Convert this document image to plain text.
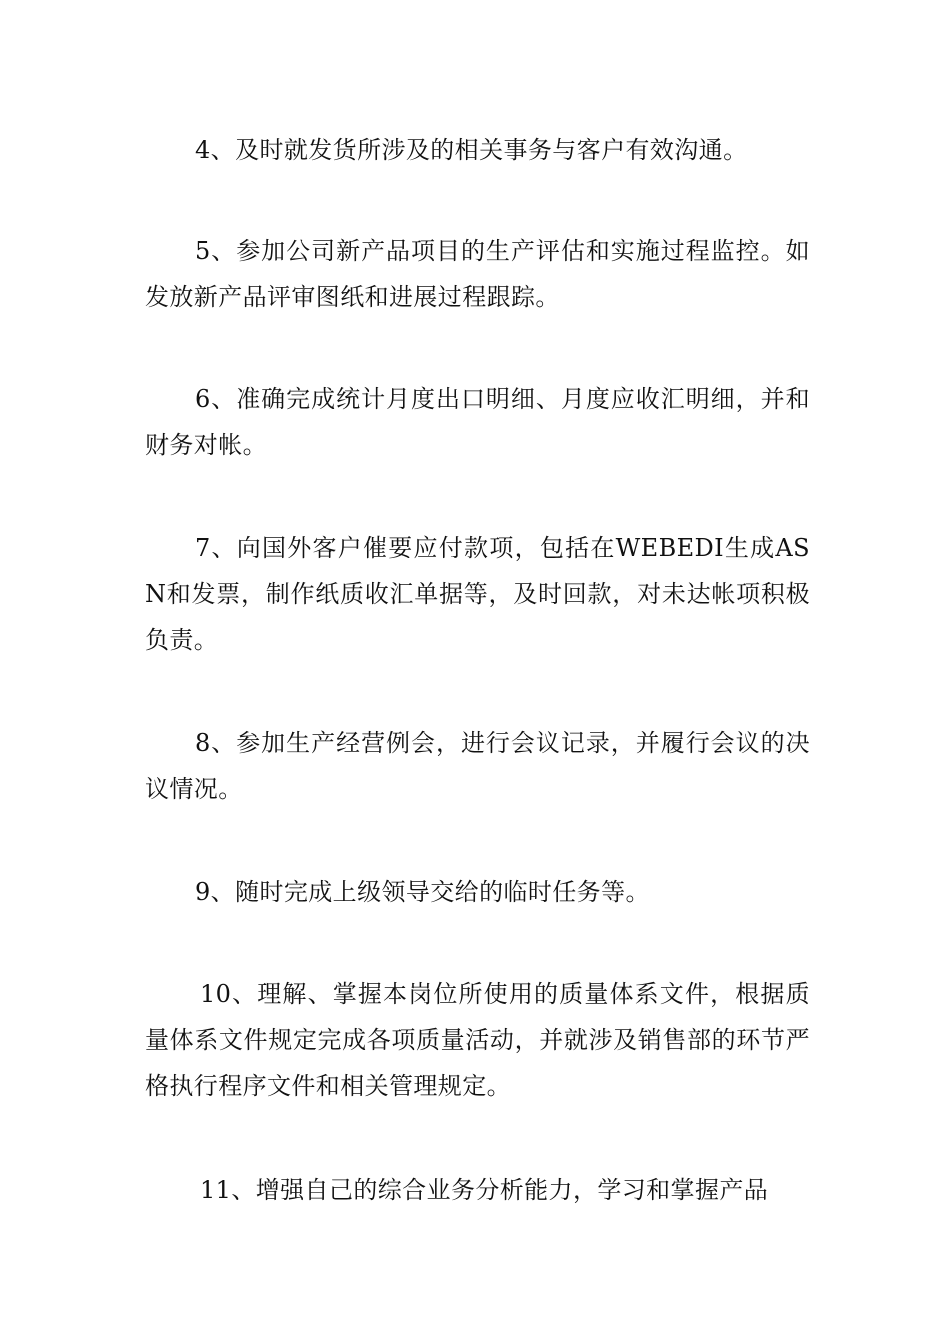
4、及时就发货所涉及的相关事务与客户有效沟通。

5、参加公司新产品项目的生产评估和实施过程监控。如发放新产品评审图纸和进展过程跟踪。

6、准确完成统计月度出口明细、月度应收汇明细，并和财务对帐。

7、向国外客户催要应付款项，包括在WEBEDI生成ASN和发票，制作纸质收汇单据等，及时回款，对未达帐项积极负责。

8、参加生产经营例会，进行会议记录，并履行会议的决议情况。

9、随时完成上级领导交给的临时任务等。

10、理解、掌握本岗位所使用的质量体系文件，根据质量体系文件规定完成各项质量活动，并就涉及销售部的环节严格执行程序文件和相关管理规定。

11、增强自己的综合业务分析能力，学习和掌握产品
